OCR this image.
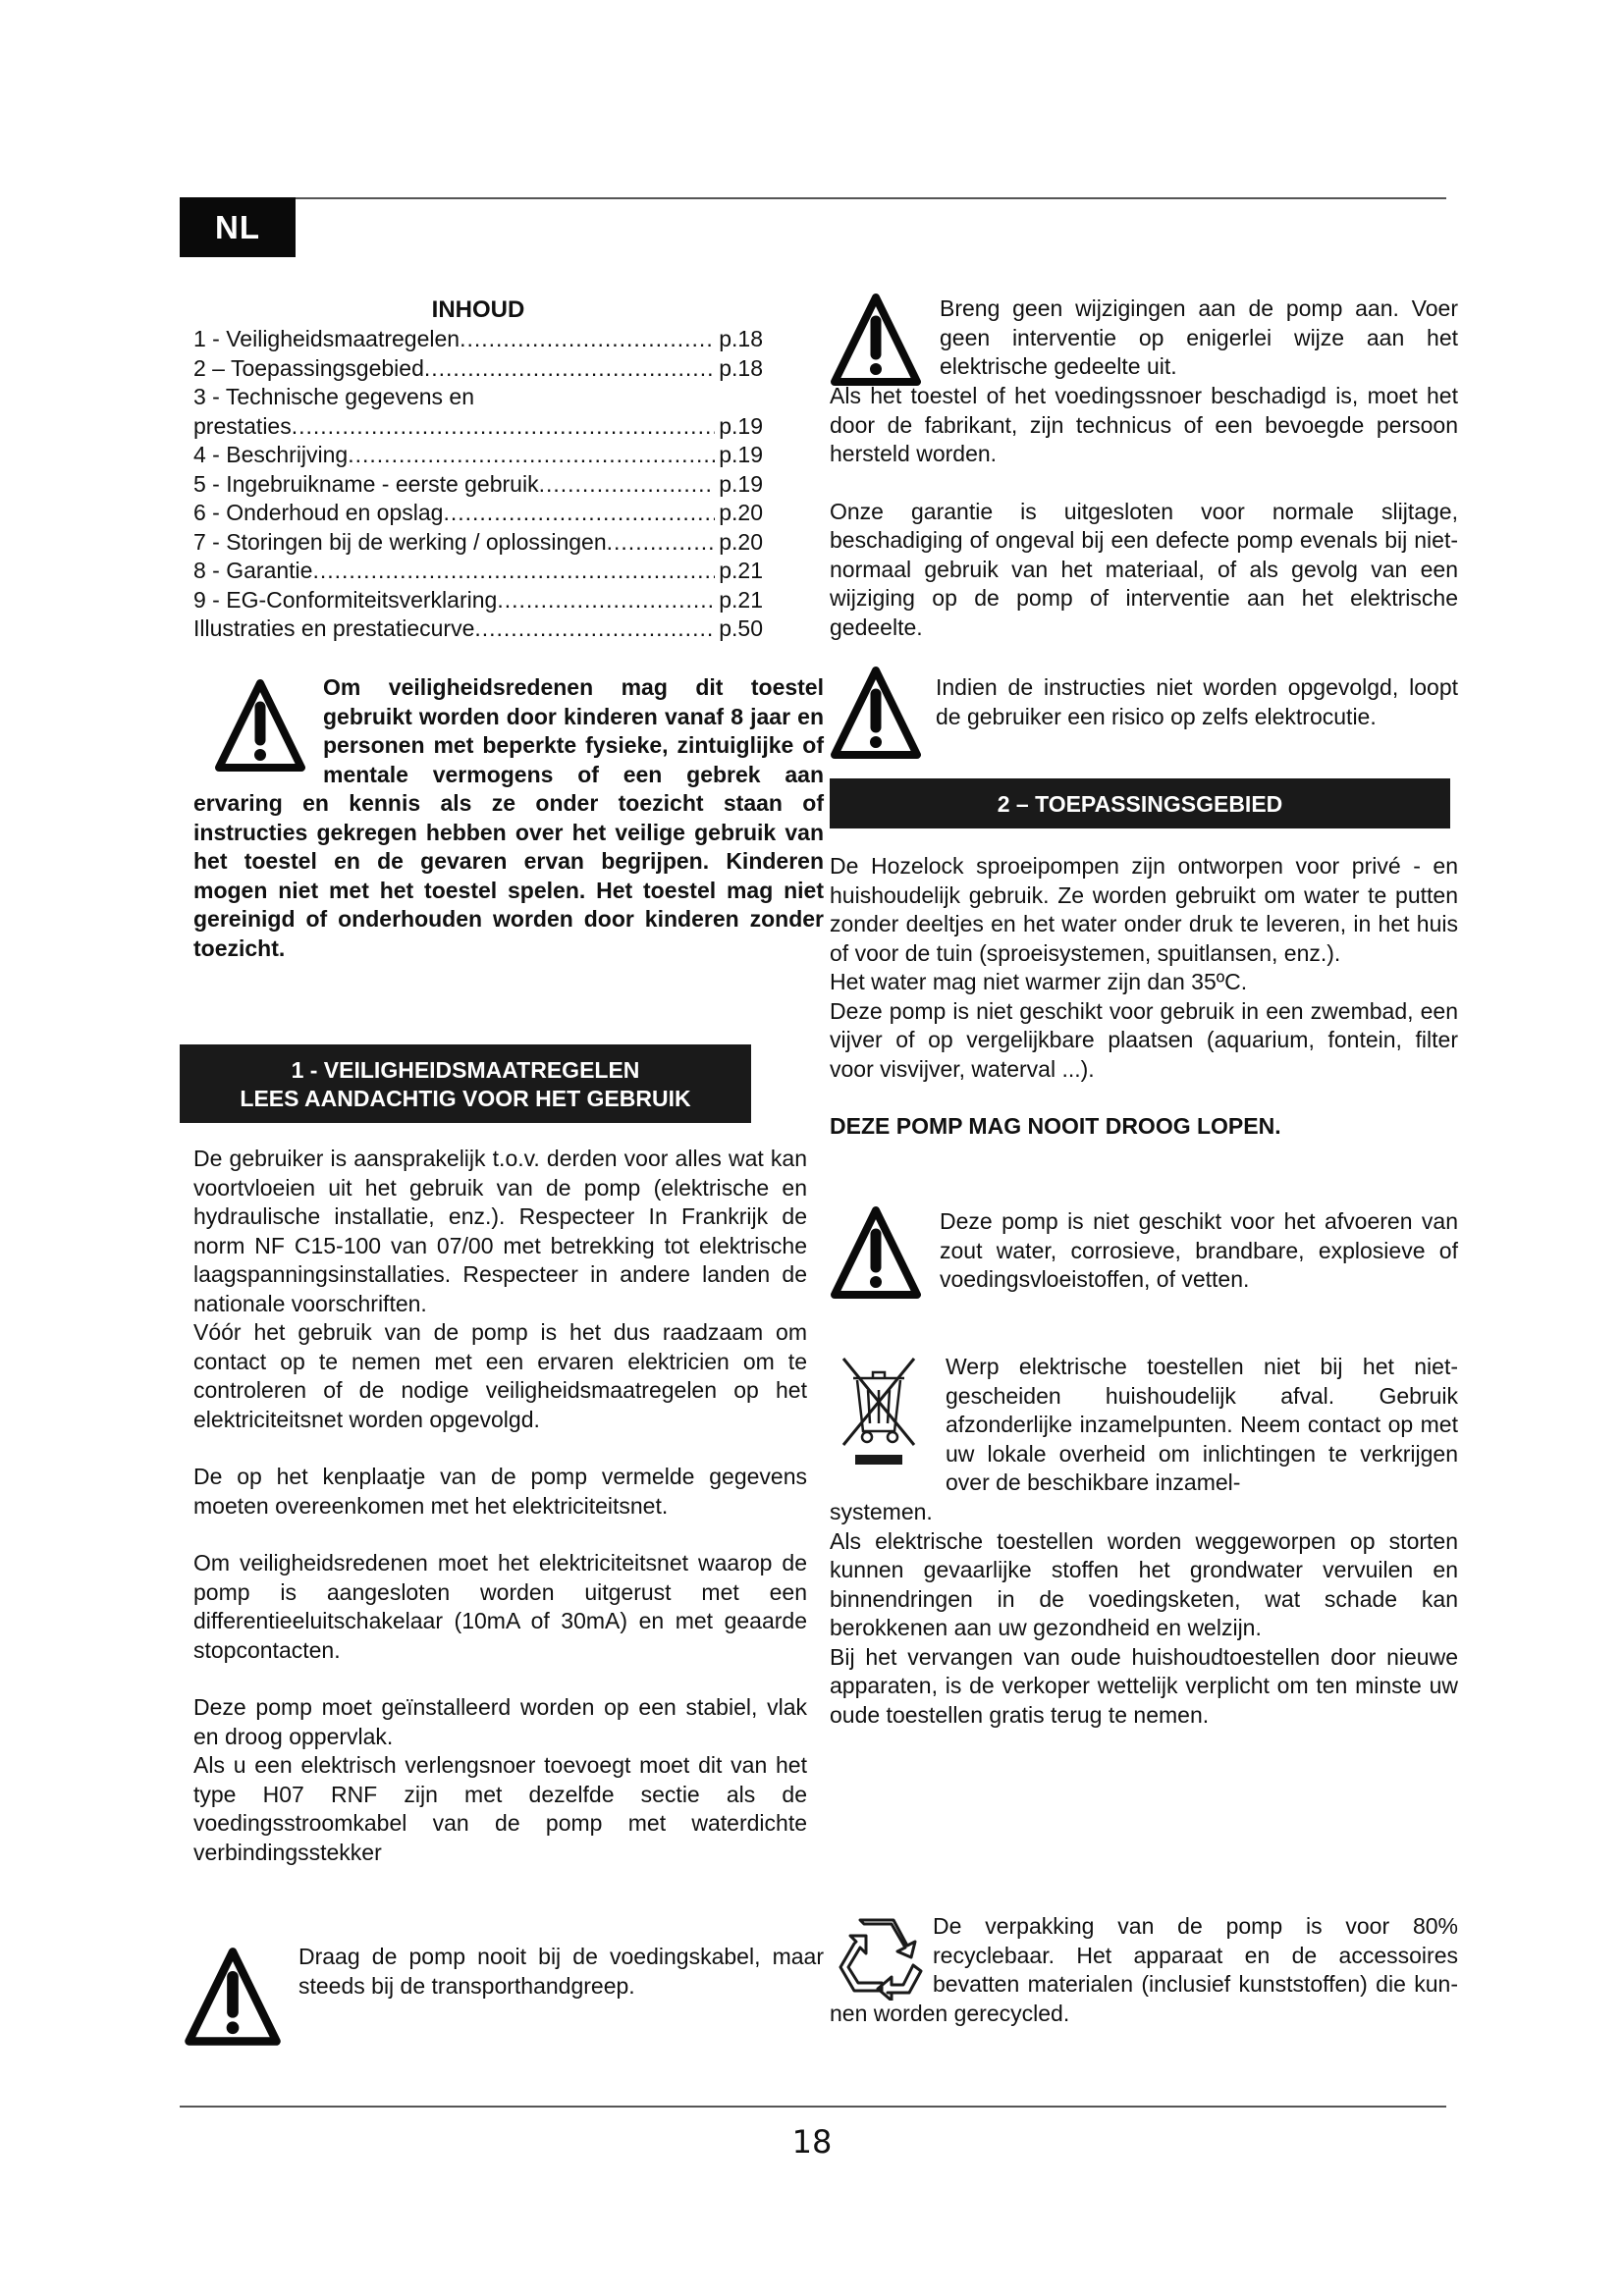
NL
INHOUD
1 - Veiligheidsmaatregelen .....	p.18
2 – Toepassingsgebied .....	p.18
3 - Technische gegevens en
prestaties .....	p.19
4 - Beschrijving .....	p.19
5 - Ingebruikname - eerste gebruik .....	p.19
6 - Onderhoud en opslag .....	p.20
7 - Storingen bij de werking / oplossingen .....	p.20
8 - Garantie .....	p.21
9 - EG-Conformiteitsverklaring .....	p.21
Illustraties en prestatiecurve .....	p.50
Om veiligheidsredenen mag dit toestel gebruikt worden door kinderen vanaf 8 jaar en personen met beperkte fysieke, zintuiglijke of mentale vermogens of een gebrek aan ervaring en kennis als ze onder toezicht staan of instructies gekregen hebben over het veilige gebruik van het toestel en de gevaren ervan begrijpen. Kinderen mogen niet met het toestel spelen. Het toestel mag niet gereinigd of onderhouden worden door kinderen zonder toezicht.
1 - VEILIGHEIDSMAATREGELEN
LEES AANDACHTIG VOOR HET GEBRUIK

De gebruiker is aansprakelijk t.o.v. derden voor alles wat kan voortvloeien uit het gebruik van de pomp (elektrische en hydraulische installatie, enz.). Respecteer In Frankrijk de norm NF C15-100 van 07/00 met betrekking tot elektrische laagspanningsinstallaties. Respecteer in andere landen de nationale voorschriften.

Vóór het gebruik van de pomp is het dus raadzaam om contact op te nemen met een ervaren elektricien om te controleren of de nodige veiligheidsmaatregelen op het elektriciteitsnet worden opgevolgd.

De op het kenplaatje van de pomp vermelde gegevens moeten overeenkomen met het elektriciteitsnet.

Om veiligheidsredenen moet het elektriciteitsnet waarop de pomp is aangesloten worden uitgerust met een differentieeluitschakelaar (10mA of 30mA) en met geaarde stopcontacten.

Deze pomp moet geïnstalleerd worden op een stabiel, vlak en droog oppervlak.

Als u een elektrisch verlengsnoer toevoegt moet dit van het type H07 RNF zijn met dezelfde sectie als de voedingsstroomkabel van de pomp met waterdichte verbindingsstekker

Draag de pomp nooit bij de voedingskabel, maar steeds bij de transporthandgreep.
Breng geen wijzigingen aan de pomp aan. Voer geen interventie op enigerlei wijze aan het elektrische gedeelte uit.

Als het toestel of het voedingssnoer beschadigd is, moet het door de fabrikant, zijn technicus of een bevoegde persoon hersteld worden.

Onze garantie is uitgesloten voor normale slijtage, beschadiging of ongeval bij een defecte pomp evenals bij niet-normaal gebruik van het materiaal, of als gevolg van een wijziging op de pomp of interventie aan het elektrische gedeelte.

Indien de instructies niet worden opgevolgd, loopt de gebruiker een risico op zelfs elektrocutie.
2 – TOEPASSINGSGEBIED

De Hozelock sproeipompen zijn ontworpen voor privé - en huishoudelijk gebruik. Ze worden gebruikt om water te putten zonder deeltjes en het water onder druk te leveren, in het huis of voor de tuin (sproeisystemen, spuitlansen, enz.).

Het water mag niet warmer zijn dan 35ºC.

Deze pomp is niet geschikt voor gebruik in een zwembad, een vijver of op vergelijkbare plaatsen (aquarium, fontein, filter voor visvijver, waterval ...).

DEZE POMP MAG NOOIT DROOG LOPEN.

Deze pomp is niet geschikt voor het afvoeren van zout water, corrosieve, brandbare, explosieve of voedingsvloeistoffen, of vetten.
Werp elektrische toestellen niet bij het niet-gescheiden huishoudelijk afval. Gebruik afzonderlijke inzamelpunten. Neem contact op met uw lokale overheid om inlichtingen te verkrijgen over de beschikbare inzamel-

systemen.

Als elektrische toestellen worden weggeworpen op storten kunnen gevaarlijke stoffen het grondwater vervuilen en binnendringen in de voedingsketen, wat schade kan berokkenen aan uw gezondheid en welzijn.

Bij het vervangen van oude huishoudtoestellen door nieuwe apparaten, is de verkoper wettelijk verplicht om ten minste uw oude toestellen gratis terug te nemen.

De verpakking van de pomp is voor 80% recyclebaar. Het apparaat en de accessoires bevatten materialen (inclusief kunststoffen) die kunnen worden gerecycled.
18
